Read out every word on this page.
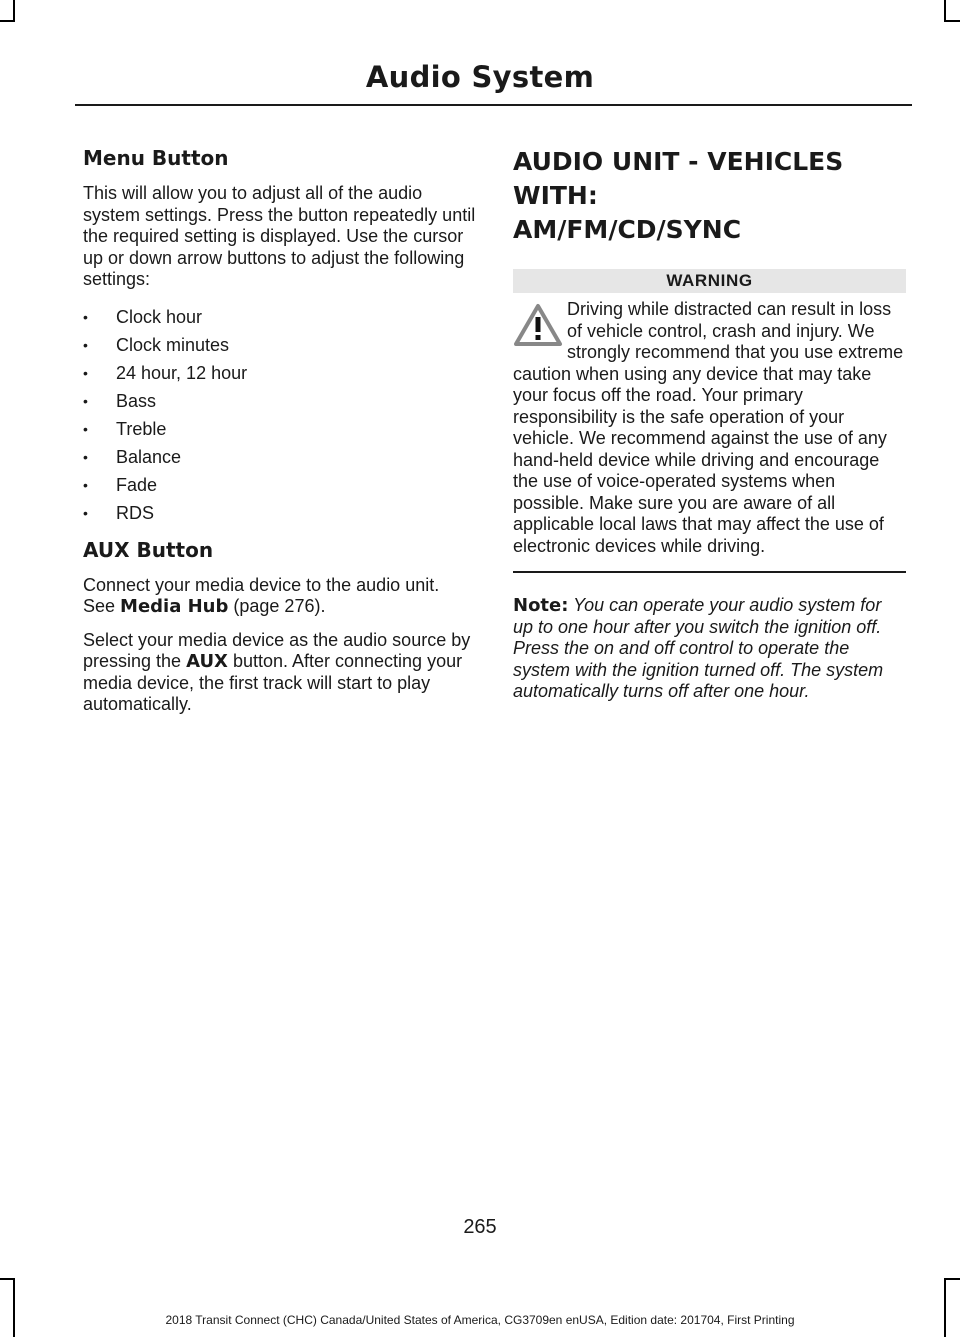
Audio System
Menu Button

This will allow you to adjust all of the audio system settings. Press the button repeatedly until the required setting is displayed. Use the cursor up or down arrow buttons to adjust the following settings:

• Clock hour
• Clock minutes
• 24 hour, 12 hour
• Bass
• Treble
• Balance
• Fade
• RDS
AUX Button

Connect your media device to the audio unit. See Media Hub (page 276).

Select your media device as the audio source by pressing the AUX button. After connecting your media device, the first track will start to play automatically.

AUDIO UNIT - VEHICLES WITH:
AM/FM/CD/SYNC
WARNING
Driving while distracted can result in loss of vehicle control, crash and injury. We strongly recommend that you use extreme caution when using any device that may take your focus off the road. Your primary responsibility is the safe operation of your vehicle. We recommend against the use of any hand-held device while driving and encourage the use of voice-operated systems when possible. Make sure you are aware of all applicable local laws that may affect the use of electronic devices while driving.
Note: You can operate your audio system for up to one hour after you switch the ignition off. Press the on and off control to operate the system with the ignition turned off. The system automatically turns off after one hour.
265
2018 Transit Connect (CHC) Canada/United States of America, CG3709en enUSA, Edition date: 201704, First Printing
